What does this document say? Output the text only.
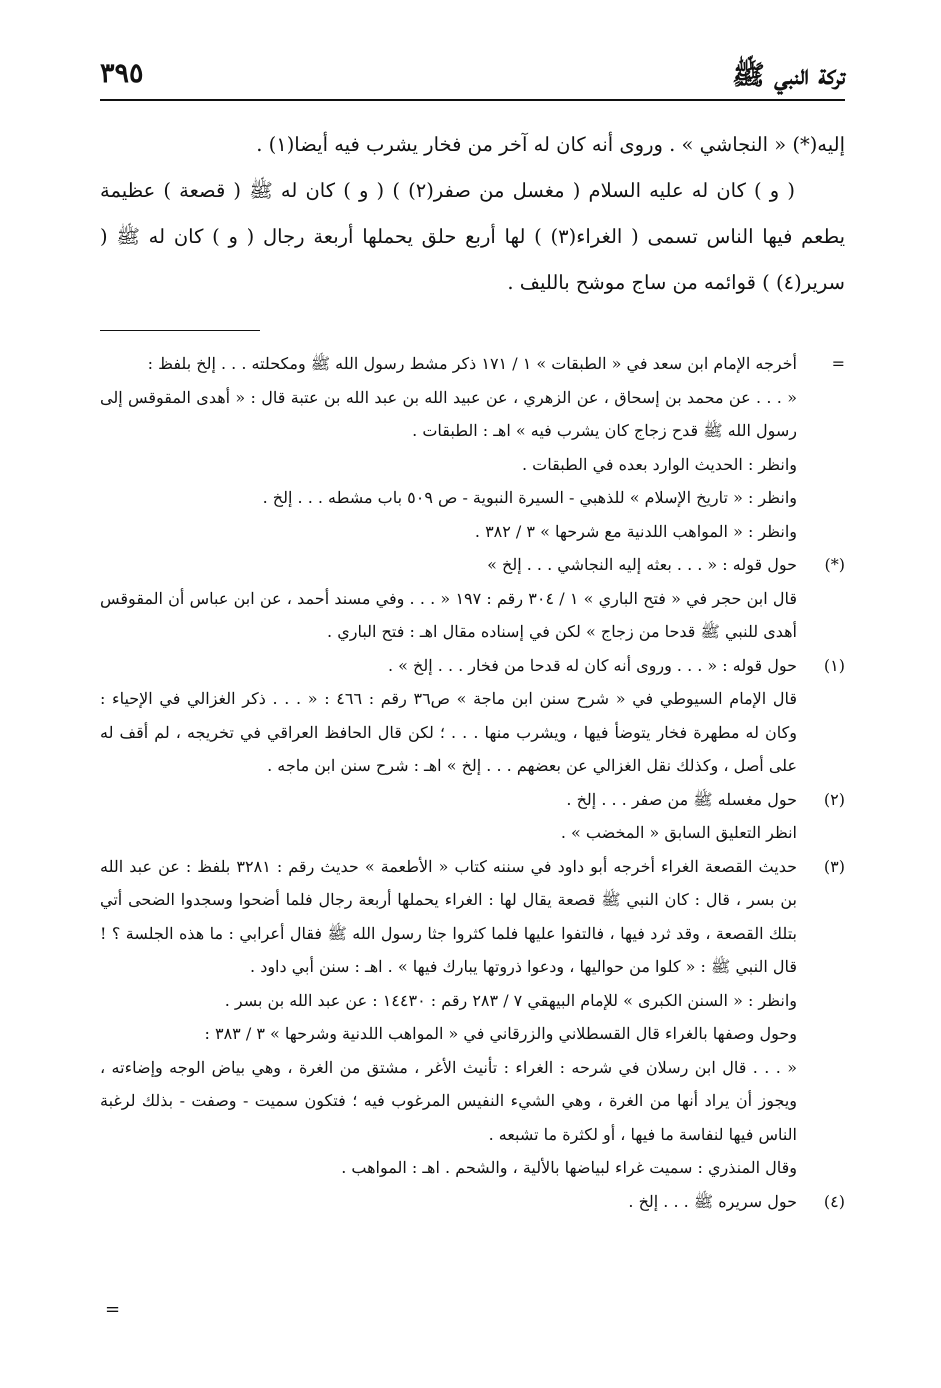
تركة النبي ﷺ
٣٩٥

إليه(*) « النجاشي » . وروى أنه كان له آخر من فخار يشرب فيه أيضا(١) .

( و ) كان له عليه السلام ( مغسل من صفر(٢) ) ( و ) كان له ﷺ ( قصعة ) عظيمة يطعم فيها الناس تسمى ( الغراء(٣) ) لها أربع حلق يحملها أربعة رجال ( و ) كان له ﷺ ( سرير(٤) ) قوائمه من ساج موشح بالليف .

=

أخرجه الإمام ابن سعد في « الطبقات » ١ / ١٧١ ذكر مشط رسول الله ﷺ ومكحلته . . . إلخ بلفظ :

« . . . عن محمد بن إسحاق ، عن الزهري ، عن عبيد الله بن عبد الله بن عتبة قال : « أهدى المقوقس إلى رسول الله ﷺ قدح زجاج كان يشرب فيه » اهـ : الطبقات .

وانظر : الحديث الوارد بعده في الطبقات .

وانظر : « تاريخ الإسلام » للذهبي - السيرة النبوية - ص ٥٠٩ باب مشطه . . . إلخ .

وانظر : « المواهب اللدنية مع شرحها » ٣ / ٣٨٢ .

(*)

حول قوله : « . . . بعثه إليه النجاشي . . . إلخ »

قال ابن حجر في « فتح الباري » ١ / ٣٠٤ رقم : ١٩٧ « . . . وفي مسند أحمد ، عن ابن عباس أن المقوقس أهدى للنبي ﷺ قدحا من زجاج » لكن في إسناده مقال اهـ : فتح الباري .

(١)

حول قوله : « . . . وروى أنه كان له قدحا من فخار . . . إلخ » .

قال الإمام السيوطي في « شرح سنن ابن ماجة » ص٣٦ رقم : ٤٦٦ : « . . . ذكر الغزالي في الإحياء : وكان له مطهرة فخار يتوضأ فيها ، ويشرب منها . . . ؛ لكن قال الحافظ العراقي في تخريجه ، لم أقف له على أصل ، وكذلك نقل الغزالي عن بعضهم . . . إلخ » اهـ : شرح سنن ابن ماجه .

(٢)

حول مغسله ﷺ من صفر . . . إلخ .

انظر التعليق السابق « المخضب » .

(٣)

حديث القصعة الغراء أخرجه أبو داود في سننه كتاب « الأطعمة » حديث رقم : ٣٢٨١ بلفظ : عن عبد الله بن بسر ، قال : كان النبي ﷺ قصعة يقال لها : الغراء يحملها أربعة رجال فلما أضحوا وسجدوا الضحى أتي بتلك القصعة ، وقد ثرد فيها ، فالتفوا عليها فلما كثروا جثا رسول الله ﷺ فقال أعرابي : ما هذه الجلسة ؟ ! قال النبي ﷺ : « كلوا من حواليها ، ودعوا ذروتها يبارك فيها » . اهـ : سنن أبي داود .

وانظر : « السنن الكبرى » للإمام البيهقي ٧ / ٢٨٣ رقم : ١٤٤٣٠ : عن عبد الله بن بسر .

وحول وصفها بالغراء قال القسطلاني والزرقاني في « المواهب اللدنية وشرحها » ٣ / ٣٨٣ :

« . . . قال ابن رسلان في شرحه : الغراء : تأنيث الأغر ، مشتق من الغرة ، وهي بياض الوجه وإضاءته ، ويجوز أن يراد أنها من الغرة ، وهي الشيء النفيس المرغوب فيه ؛ فتكون سميت - وصفت - بذلك لرغبة الناس فيها لنفاسة ما فيها ، أو لكثرة ما تشبعه .

وقال المنذري : سميت غراء لبياضها بالألية ، والشحم . اهـ : المواهب .

(٤)

حول سريره ﷺ . . . إلخ .

=
